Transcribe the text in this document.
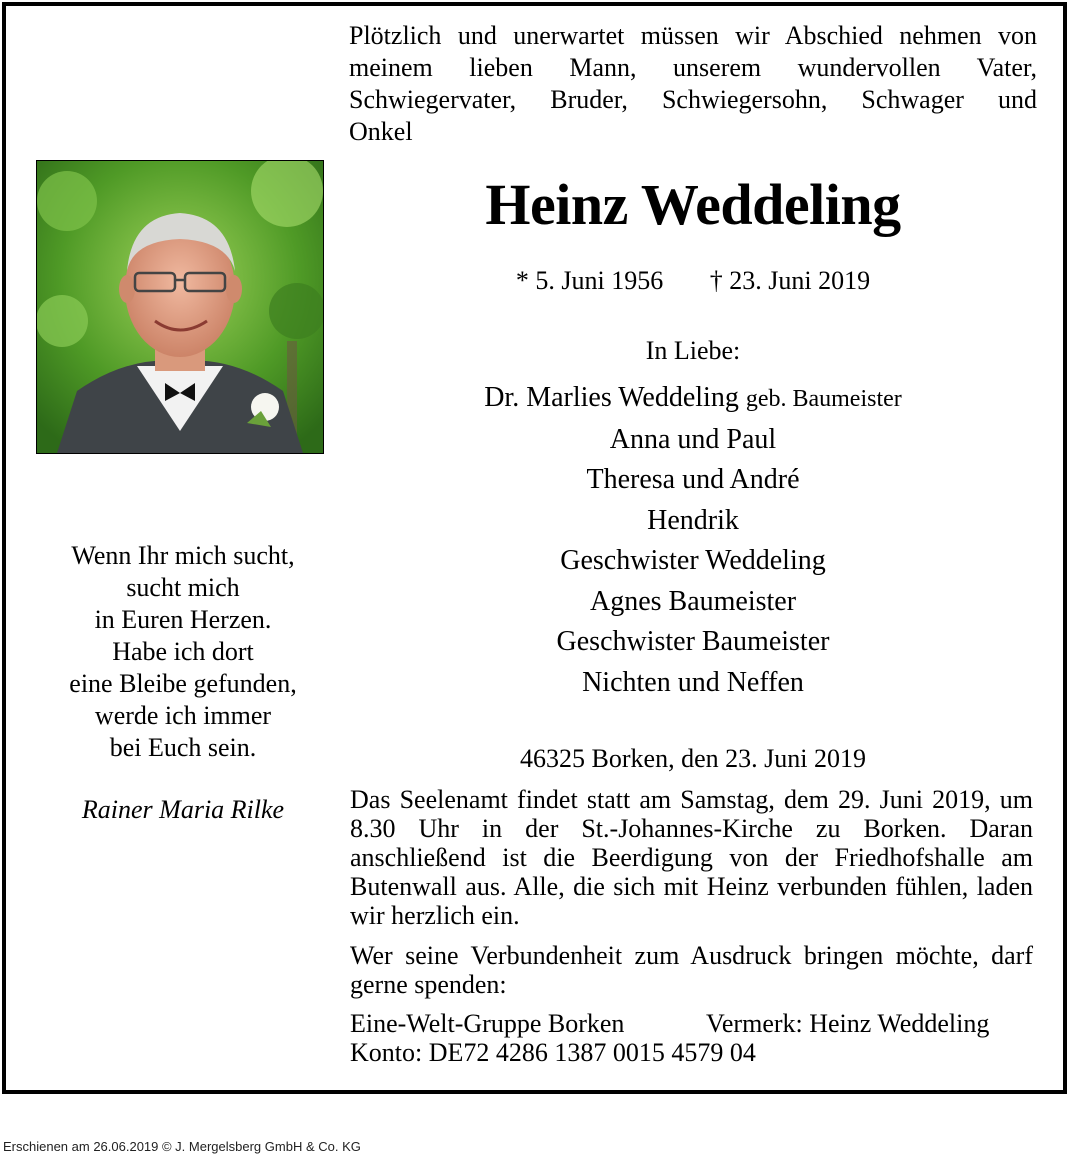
Plötzlich und unerwartet müssen wir Abschied nehmen von
meinem lieben Mann, unserem wundervollen Vater,
Schwiegervater, Bruder, Schwiegersohn, Schwager und
Onkel
Heinz Weddeling
* 5. Juni 1956 † 23. Juni 2019
In Liebe:
Dr. Marlies Weddeling geb. Baumeister
Anna und Paul
Theresa und André
Hendrik
Geschwister Weddeling
Agnes Baumeister
Geschwister Baumeister
Nichten und Neffen
Wenn Ihr mich sucht,
sucht mich
in Euren Herzen.
Habe ich dort
eine Bleibe gefunden,
werde ich immer
bei Euch sein.
Rainer Maria Rilke
46325 Borken, den 23. Juni 2019
Das Seelenamt findet statt am Samstag, dem 29. Juni 2019, um 8.30 Uhr in der St.-Johannes-Kirche zu Borken. Daran anschließend ist die Beerdigung von der Friedhofshalle am Butenwall aus. Alle, die sich mit Heinz verbunden fühlen, laden wir herzlich ein.
Wer seine Verbundenheit zum Ausdruck bringen möchte, darf gerne spenden:
Eine-Welt-Gruppe Borken	Vermerk: Heinz Weddeling
Konto: DE72 4286 1387 0015 4579 04
Erschienen am 26.06.2019 © J. Mergelsberg GmbH & Co. KG
